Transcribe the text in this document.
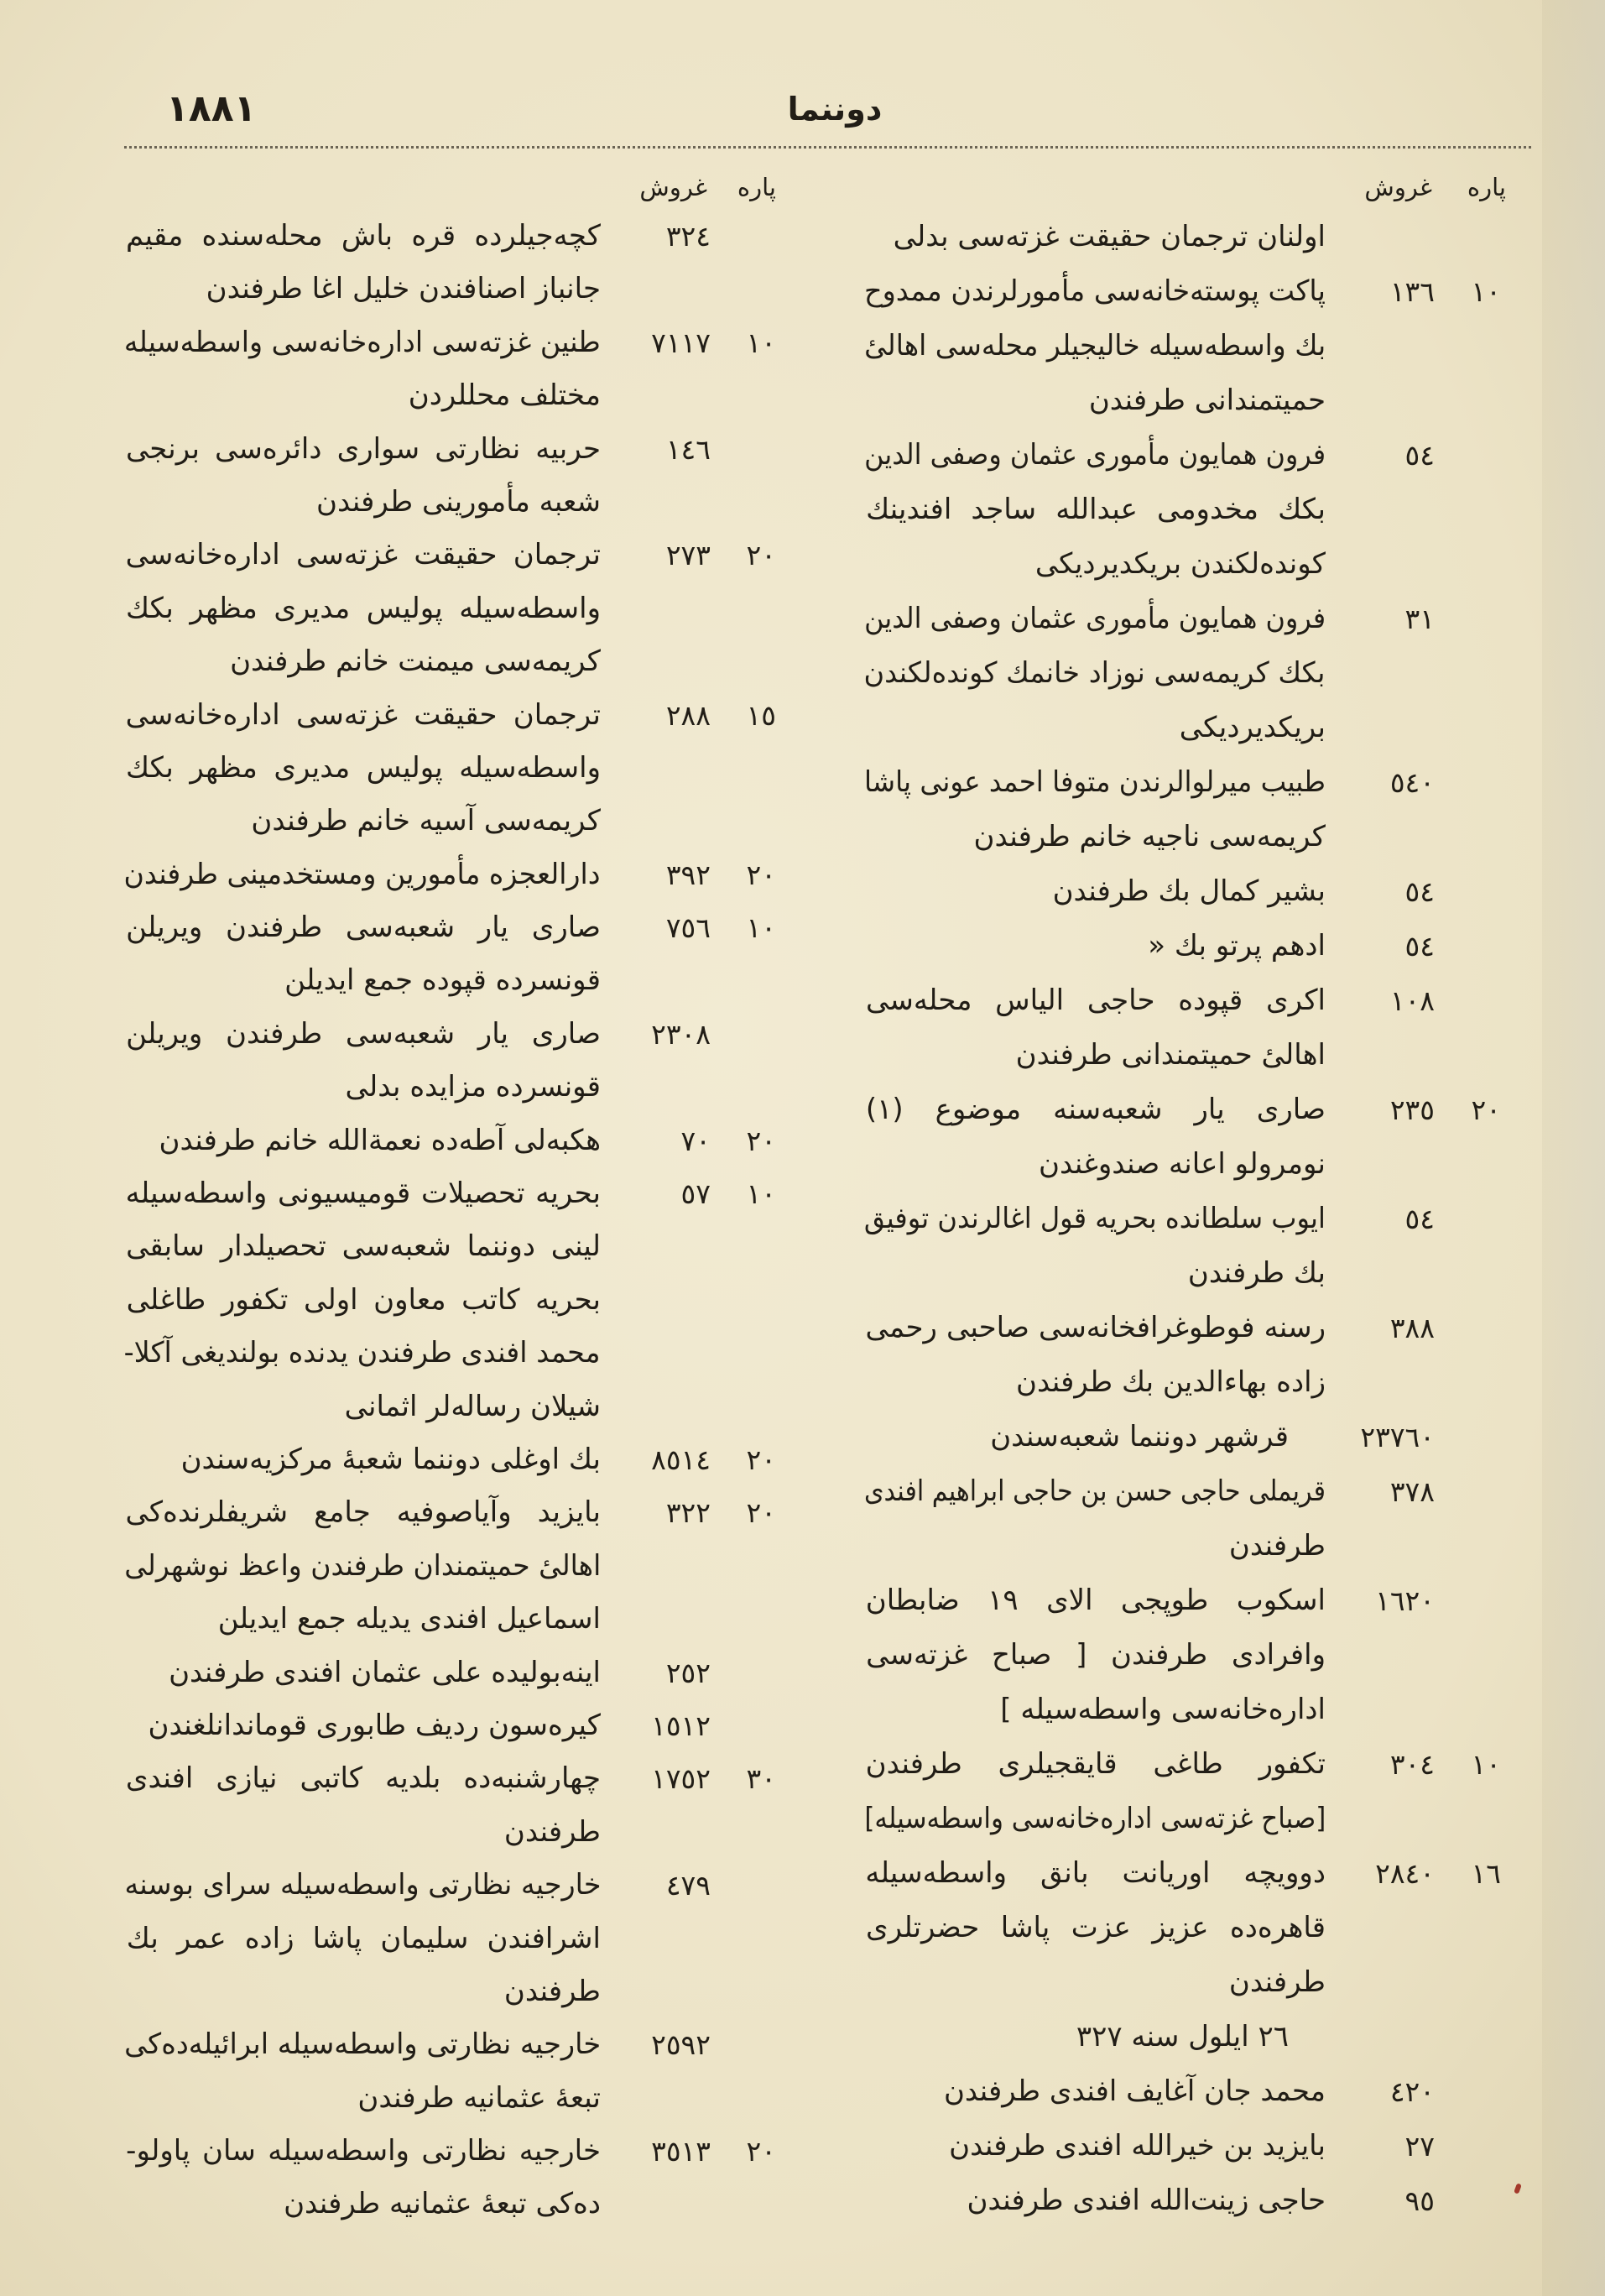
١٨٨١	دوننما
پاره
غروش
پاره
غروش
اولنان ترجمان حقيقت غزته‌سی بدلی
١٠
١٣٦
پاكت پوسته‌خانه‌سی مأمورلرندن ممدوح
بك واسطه‌سيله خاليجيلر محله‌سی اهالیٔ
حميتمندانی طرفندن
٥٤
فرون همايون مأموری عثمان وصفی الدين
بكك مخدومی عبدالله ساجد افندينك
كونده‌لكندن بريكديرديكی
٣١
فرون همايون مأموری عثمان وصفی الدين
بكك كريمه‌سی نوزاد خانمك كونده‌لكندن
بريكديرديكی
٥٤٠
طبيب ميرلوالرندن متوفا احمد عونی پاشا
كريمه‌سی ناجيه خانم طرفندن
٥٤
بشير كمال بك طرفندن
٥٤
ادهم پرتو بك «
١٠٨
اكری قپوده حاجی الياس محله‌سی
اهالیٔ حميتمندانی طرفندن
٢٠
٢٣٥
صاری يار شعبه‌سنه موضوع (١)
نومرولو اعانه صندوغندن
٥٤
ايوب سلطانده بحريه قول اغالرندن توفيق
بك طرفندن
٣٨٨
رسنه فوطوغرافخانه‌سی صاحبی رحمی
زاده بهاءالدين بك طرفندن
٢٣٧٦٠
قرشهر دوننما شعبه‌سندن
٣٧٨
قريملی حاجی حسن بن حاجی ابراهيم افندی
طرفندن
١٦٢٠
اسكوب طوپجی الای ١٩ ضابطان
وافرادی طرفندن [ صباح غزته‌سی
اداره‌خانه‌سی واسطه‌سيله ]
١٠
٣٠٤
تكفور طاغی قايقجيلری طرفندن
[صباح غزته‌سی اداره‌خانه‌سی واسطه‌سيله]
١٦
٢٨٤٠
دوويچه اوريانت بانق واسطه‌سيله
قاهره‌ده عزيز عزت پاشا حضرتلری
طرفندن
٢٦ ايلول سنه ٣٢٧
٤٢٠
محمد جان آغايف افندی طرفندن
٢٧
بايزيد بن خيرالله افندی طرفندن
٩٥
حاجی زينت‌الله افندی طرفندن
٣٢٤
كچه‌جيلرده قره باش محله‌سنده مقيم
جانباز اصنافندن خليل اغا طرفندن
١٠
٧١١٧
طنين غزته‌سی اداره‌خانه‌سی واسطه‌سيله
مختلف محللردن
١٤٦
حربيه نظارتی سواری دائره‌سی برنجی
شعبه مأمورينی طرفندن
٢٠
٢٧٣
ترجمان حقيقت غزته‌سی اداره‌خانه‌سی
واسطه‌سيله پوليس مديری مظهر بكك
كريمه‌سی ميمنت خانم طرفندن
١٥
٢٨٨
ترجمان حقيقت غزته‌سی اداره‌خانه‌سی
واسطه‌سيله پوليس مديری مظهر بكك
كريمه‌سی آسيه خانم طرفندن
٢٠
٣٩٢
دارالعجزه مأمورين ومستخدمينی طرفندن
١٠
٧٥٦
صاری يار شعبه‌سی طرفندن ويريلن
قونسرده قپوده جمع ايديلن
٢٣٠٨
صاری يار شعبه‌سی طرفندن ويريلن
قونسرده مزايده بدلی
٢٠
٧٠
هكبه‌لی آطه‌ده نعمةالله خانم طرفندن
١٠
٥٧
بحريه تحصيلات قوميسيونی واسطه‌سيله
لينی دوننما شعبه‌سی تحصيلدار سابقی
بحريه كاتب معاون اولی تكفور طاغلی
محمد افندی طرفندن يدنده بولنديغی آكلا-
شيلان رساله‌لر اثمانی
٢٠
٨٥١٤
بك اوغلی دوننما شعبهٔ مركزيه‌سندن
٢٠
٣٢٢
بايزيد وآياصوفيه جامع شريفلرنده‌كی
اهالیٔ حميتمندان طرفندن واعظ نوشهرلی
اسماعيل افندی يديله جمع ايديلن
٢٥٢
اينه‌بوليده علی عثمان افندی طرفندن
١٥١٢
كيره‌سون رديف طابوری قوماندانلغندن
٣٠
١٧٥٢
چهارشنبه‌ده بلديه كاتبی نيازی افندی
طرفندن
٤٧٩
خارجيه نظارتی واسطه‌سيله سرای بوسنه
اشرافندن سليمان پاشا زاده عمر بك
طرفندن
٢٥٩٢
خارجيه نظارتی واسطه‌سيله ابرائيله‌ده‌كی
تبعهٔ عثمانيه طرفندن
٢٠
٣٥١٣
خارجيه نظارتی واسطه‌سيله سان پاولو-
ده‌كی تبعهٔ عثمانيه طرفندن
